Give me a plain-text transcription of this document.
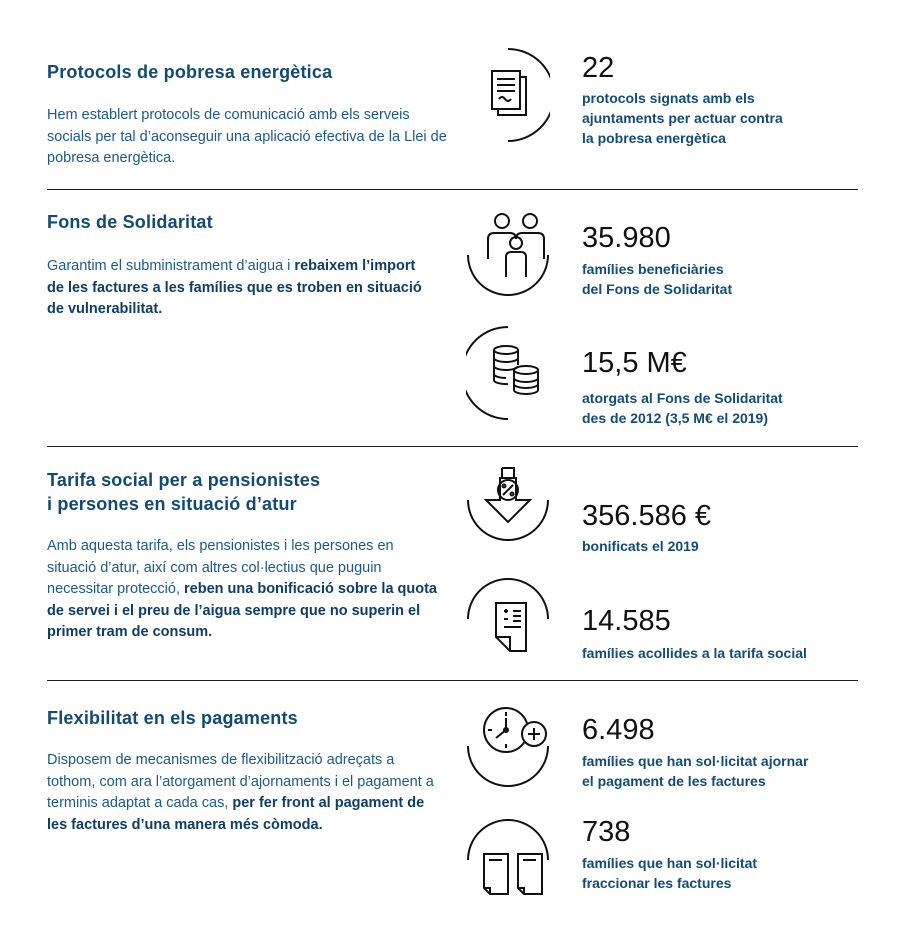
Protocols de pobresa energètica

Hem establert protocols de comunicació amb els serveis socials per tal d’aconseguir una aplicació efectiva de la Llei de pobresa energètica.

22

protocols signats amb els
ajuntaments per actuar contra
la pobresa energètica

Fons de Solidaritat

Garantim el subministrament d’aigua i rebaixem l’import de les factures a les famílies que es troben en situació de vulnerabilitat.

35.980

famílies beneficiàries
del Fons de Solidaritat

15,5 M€

atorgats al Fons de Solidaritat
des de 2012 (3,5 M€ el 2019)

Tarifa social per a pensionistes
i persones en situació d’atur

Amb aquesta tarifa, els pensionistes i les persones en situació d’atur, així com altres col·lectius que puguin necessitar protecció, reben una bonificació sobre la quota de servei i el preu de l’aigua sempre que no superin el primer tram de consum.

356.586 €

bonificats el 2019

14.585

famílies acollides a la tarifa social

Flexibilitat en els pagaments

Disposem de mecanismes de flexibilització adreçats a tothom, com ara l’atorgament d’ajornaments i el pagament a terminis adaptat a cada cas, per fer front al pagament de les factures d’una manera més còmoda.

6.498

famílies que han sol·licitat ajornar
el pagament de les factures

738

famílies que han sol·licitat
fraccionar les factures
